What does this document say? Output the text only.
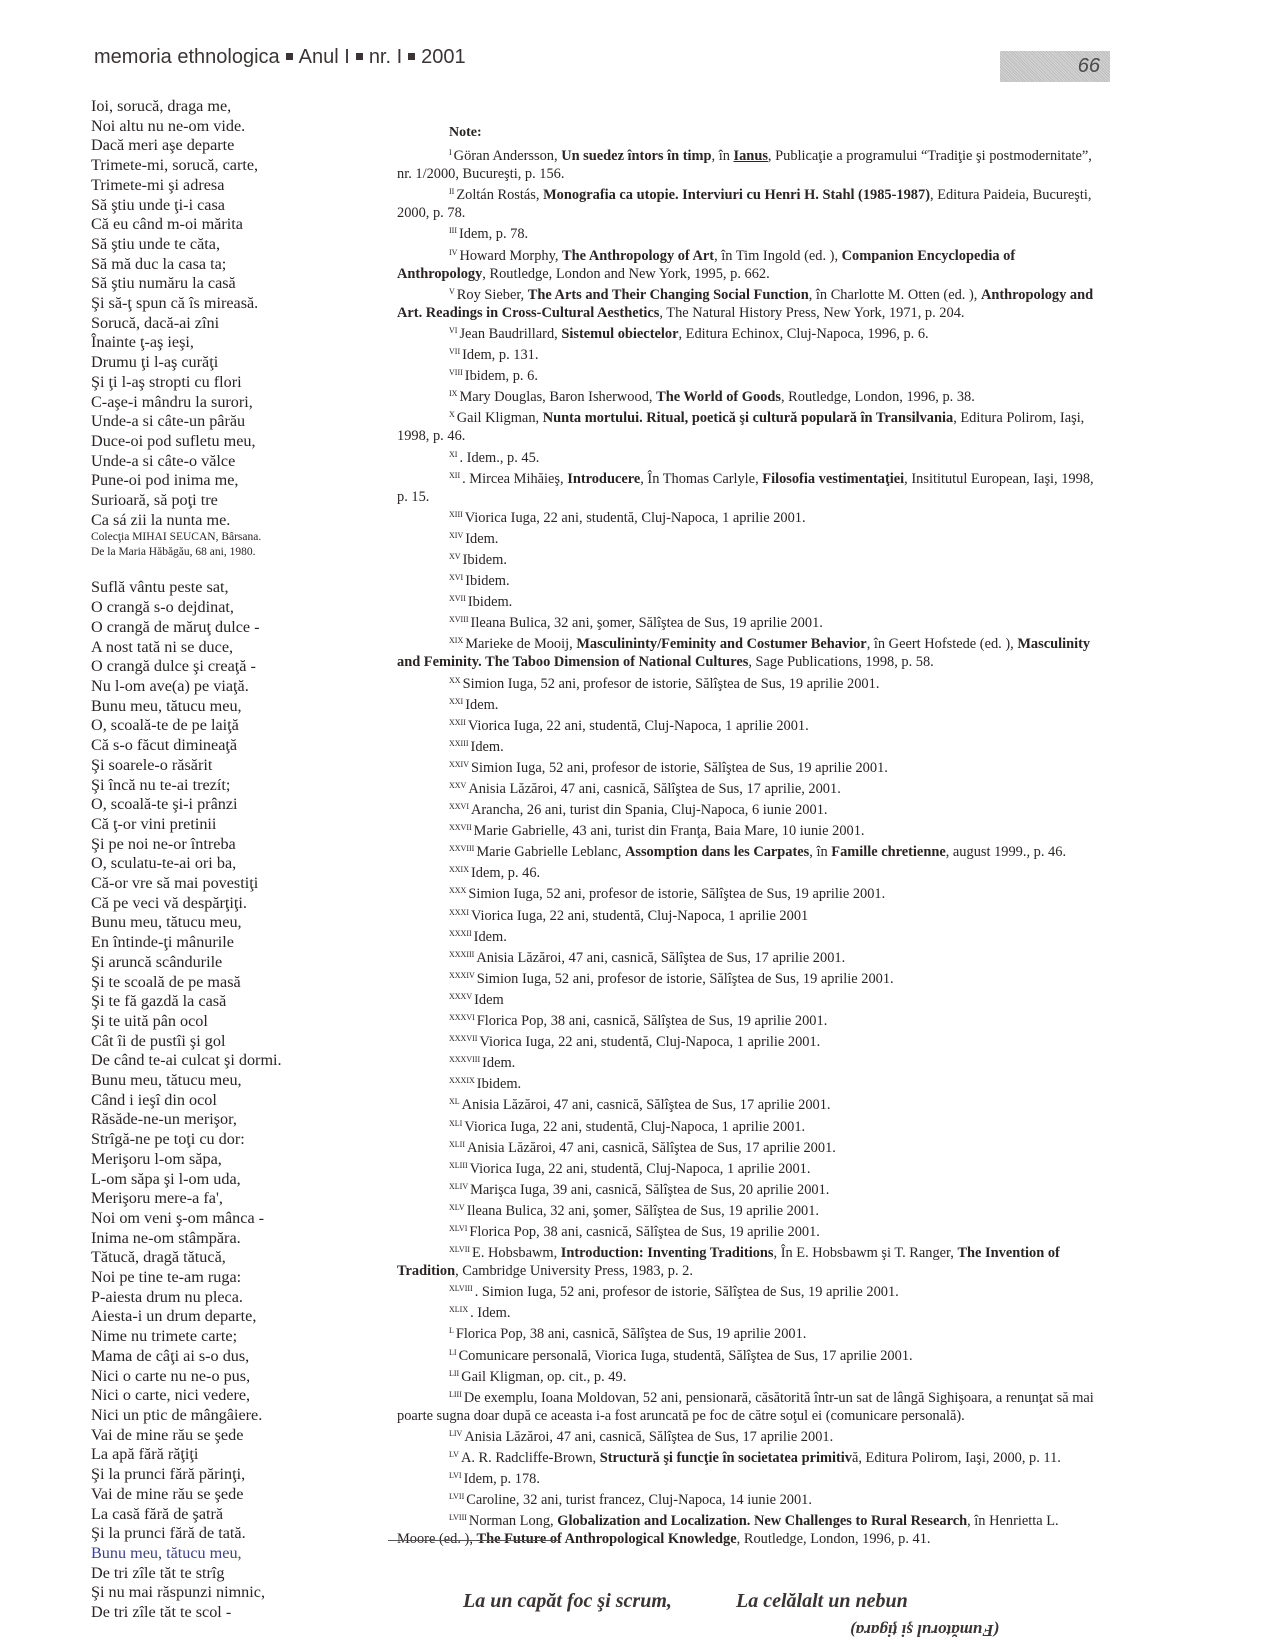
memoria ethnologica Anul I nr. I 2001	66
Ioi, sorucă, draga me,
Noi altu nu ne-om vide.
Dacă meri aşe departe
Trimete-mi, sorucă, carte,
Trimete-mi şi adresa
Să ştiu unde ţi-i casa
Că eu când m-oi mărita
Să ştiu unde te căta,
Să mă duc la casa ta;
Să ştiu număru la casă
Şi să-ţ spun că îs mireasă.
Sorucă, dacă-ai zîni
Înainte ţ-aş ieşi,
Drumu ţi l-aş curăţi
Şi ţi l-aş stropti cu flori
C-aşe-i mândru la surori,
Unde-a si câte-un pârău
Duce-oi pod sufletu meu,
Unde-a si câte-o vălce
Pune-oi pod inima me,
Surioară, să poţi tre
Ca sá zii la nunta me.
Colecţia MIHAI SEUCAN, Bârsana.
De la Maria Hăbăgău, 68 ani, 1980.
Suflă vântu peste sat,
O crangă s-o dejdinat,
O crangă de măruţ dulce -
A nost tată ni se duce,
O crangă dulce şi creaţă -
Nu l-om ave(a) pe viaţă.
Bunu meu, tătucu meu,
O, scoală-te de pe laiţă
Că s-o făcut dimineaţă
Şi soarele-o răsărit
Şi încă nu te-ai trezít;
O, scoală-te şi-i prânzi
Că ţ-or vini pretinii
Şi pe noi ne-or întreba
O, sculatu-te-ai ori ba,
Că-or vre să mai povestiţi
Că pe veci vă despărţiţi.
Bunu meu, tătucu meu,
En întinde-ţi mânurile
Şi aruncă scândurile
Şi te scoală de pe masă
Şi te fă gazdă la casă
Şi te uită pân ocol
Cât îi de pustîi şi gol
De când te-ai culcat şi dormi.
Bunu meu, tătucu meu,
Când i ieşî din ocol
Răsăde-ne-un merişor,
Strîgă-ne pe toţi cu dor:
Merişoru l-om săpa,
L-om săpa şi l-om uda,
Merişoru mere-a fa',
Noi om veni ş-om mânca -
Inima ne-om stâmpăra.
Tătucă, dragă tătucă,
Noi pe tine te-am ruga:
P-aiesta drum nu pleca.
Aiesta-i un drum departe,
Nime nu trimete carte;
Mama de câţi ai s-o dus,
Nici o carte nu ne-o pus,
Nici o carte, nici vedere,
Nici un ptic de mângâiere.
Vai de mine rău se şede
La apă fără răţiţi
Şi la prunci fără părinţi,
Vai de mine rău se şede
La casă fără de şatră
Şi la prunci fără de tată.
Bunu meu, tătucu meu,
De tri zîle tăt te strîg
Şi nu mai răspunzi nimnic,
De tri zîle tăt te scol -
Note:
$^I$ Göran Andersson, Un suedez întors în timp, în Ianus, Publicaţie a programului “Tradiţie şi postmodernitate”, nr. 1/2000, Bucureşti, p. 156.
$^{II}$ Zoltán Rostás, Monografia ca utopie. Interviuri cu Henri H. Stahl (1985-1987), Editura Paideia, Bucureşti, 2000, p. 78.
$^{III}$ Idem, p. 78.
$^{IV}$ Howard Morphy, The Anthropology of Art, în Tim Ingold (ed. ), Companion Encyclopedia of Anthropology, Routledge, London and New York, 1995, p. 662.
$^V$ Roy Sieber, The Arts and Their Changing Social Function, în Charlotte M. Otten (ed. ), Anthropology and Art. Readings in Cross-Cultural Aesthetics, The Natural History Press, New York, 1971, p. 204.
$^{VI}$ Jean Baudrillard, Sistemul obiectelor, Editura Echinox, Cluj-Napoca, 1996, p. 6.
$^{VII}$ Idem, p. 131.
$^{VIII}$ Ibidem, p. 6.
$^{IX}$ Mary Douglas, Baron Isherwood, The World of Goods, Routledge, London, 1996, p. 38.
$^X$ Gail Kligman, Nunta mortului. Ritual, poetică şi cultură populară în Transilvania, Editura Polirom, Iaşi, 1998, p. 46.
$^{XI}$ . Idem., p. 45.
$^{XII}$ . Mircea Mihăieş, Introducere, În Thomas Carlyle, Filosofia vestimentaţiei, Insititutul European, Iaşi, 1998, p. 15.
$^{XIII}$ Viorica Iuga, 22 ani, studentă, Cluj-Napoca, 1 aprilie 2001.
$^{XIV}$ Idem.
$^{XV}$ Ibidem.
$^{XVI}$ Ibidem.
$^{XVII}$ Ibidem.
$^{XVIII}$ Ileana Bulica, 32 ani, şomer, Sălîştea de Sus, 19 aprilie 2001.
$^{XIX}$ Marieke de Mooij, Masculininty/Feminity and Costumer Behavior, în Geert Hofstede (ed. ), Masculinity and Feminity. The Taboo Dimension of National Cultures, Sage Publications, 1998, p. 58.
$^{XX}$ Simion Iuga, 52 ani, profesor de istorie, Sălîştea de Sus, 19 aprilie 2001.
$^{XXI}$ Idem.
$^{XXII}$ Viorica Iuga, 22 ani, studentă, Cluj-Napoca, 1 aprilie 2001.
$^{XXIII}$ Idem.
$^{XXIV}$ Simion Iuga, 52 ani, profesor de istorie, Sălîştea de Sus, 19 aprilie 2001.
$^{XXV}$ Anisia Lăzăroi, 47 ani, casnică, Sălîştea de Sus, 17 aprilie, 2001.
$^{XXVI}$ Arancha, 26 ani, turist din Spania, Cluj-Napoca, 6 iunie 2001.
$^{XXVII}$ Marie Gabrielle, 43 ani, turist din Franţa, Baia Mare, 10 iunie 2001.
$^{XXVIII}$ Marie Gabrielle Leblanc, Assomption dans les Carpates, în Famille chretienne, august 1999., p. 46.
$^{XXIX}$ Idem, p. 46.
$^{XXX}$ Simion Iuga, 52 ani, profesor de istorie, Sălîştea de Sus, 19 aprilie 2001.
$^{XXXI}$ Viorica Iuga, 22 ani, studentă, Cluj-Napoca, 1 aprilie 2001
$^{XXXII}$ Idem.
$^{XXXIII}$ Anisia Lăzăroi, 47 ani, casnică, Sălîştea de Sus, 17 aprilie 2001.
$^{XXXIV}$ Simion Iuga, 52 ani, profesor de istorie, Sălîştea de Sus, 19 aprilie 2001.
$^{XXXV}$ Idem
$^{XXXVI}$ Florica Pop, 38 ani, casnică, Sălîştea de Sus, 19 aprilie 2001.
$^{XXXVII}$ Viorica Iuga, 22 ani, studentă, Cluj-Napoca, 1 aprilie 2001.
$^{XXXVIII}$ Idem.
$^{XXXIX}$ Ibidem.
$^{XL}$ Anisia Lăzăroi, 47 ani, casnică, Sălîştea de Sus, 17 aprilie 2001.
$^{XLI}$ Viorica Iuga, 22 ani, studentă, Cluj-Napoca, 1 aprilie 2001.
$^{XLII}$ Anisia Lăzăroi, 47 ani, casnică, Sălîştea de Sus, 17 aprilie 2001.
$^{XLIII}$ Viorica Iuga, 22 ani, studentă, Cluj-Napoca, 1 aprilie 2001.
$^{XLIV}$ Marişca Iuga, 39 ani, casnică, Sălîştea de Sus, 20 aprilie 2001.
$^{XLV}$ Ileana Bulica, 32 ani, şomer, Sălîştea de Sus, 19 aprilie 2001.
$^{XLVI}$ Florica Pop, 38 ani, casnică, Sălîştea de Sus, 19 aprilie 2001.
$^{XLVII}$ E. Hobsbawm, Introduction: Inventing Traditions, În E. Hobsbawm şi T. Ranger, The Invention of Tradition, Cambridge University Press, 1983, p. 2.
$^{XLVIII}$ . Simion Iuga, 52 ani, profesor de istorie, Sălîştea de Sus, 19 aprilie 2001.
$^{XLIX}$ . Idem.
$^L$ Florica Pop, 38 ani, casnică, Sălîştea de Sus, 19 aprilie 2001.
$^{LI}$ Comunicare personală, Viorica Iuga, studentă, Sălîştea de Sus, 17 aprilie 2001.
$^{LII}$ Gail Kligman, op. cit., p. 49.
$^{LIII}$ De exemplu, Ioana Moldovan, 52 ani, pensionară, căsătorită într-un sat de lângă Sighişoara, a renunţat să mai poarte sugna doar după ce aceasta i-a fost aruncată pe foc de către soţul ei (comunicare personală).
$^{LIV}$ Anisia Lăzăroi, 47 ani, casnică, Sălîştea de Sus, 17 aprilie 2001.
$^{LV}$ A. R. Radcliffe-Brown, Structură şi funcţie în societatea primitivă, Editura Polirom, Iaşi, 2000, p. 11.
$^{LVI}$ Idem, p. 178.
$^{LVII}$ Caroline, 32 ani, turist francez, Cluj-Napoca, 14 iunie 2001.
$^{LVIII}$ Norman Long, Globalization and Localization. New Challenges to Rural Research, în Henrietta L. Moore (ed. ), The Future of Anthropological Knowledge, Routledge, London, 1996, p. 41.
La un capăt foc şi scrum,	La celălalt un nebun
(Fumătorul şi ţigara)
